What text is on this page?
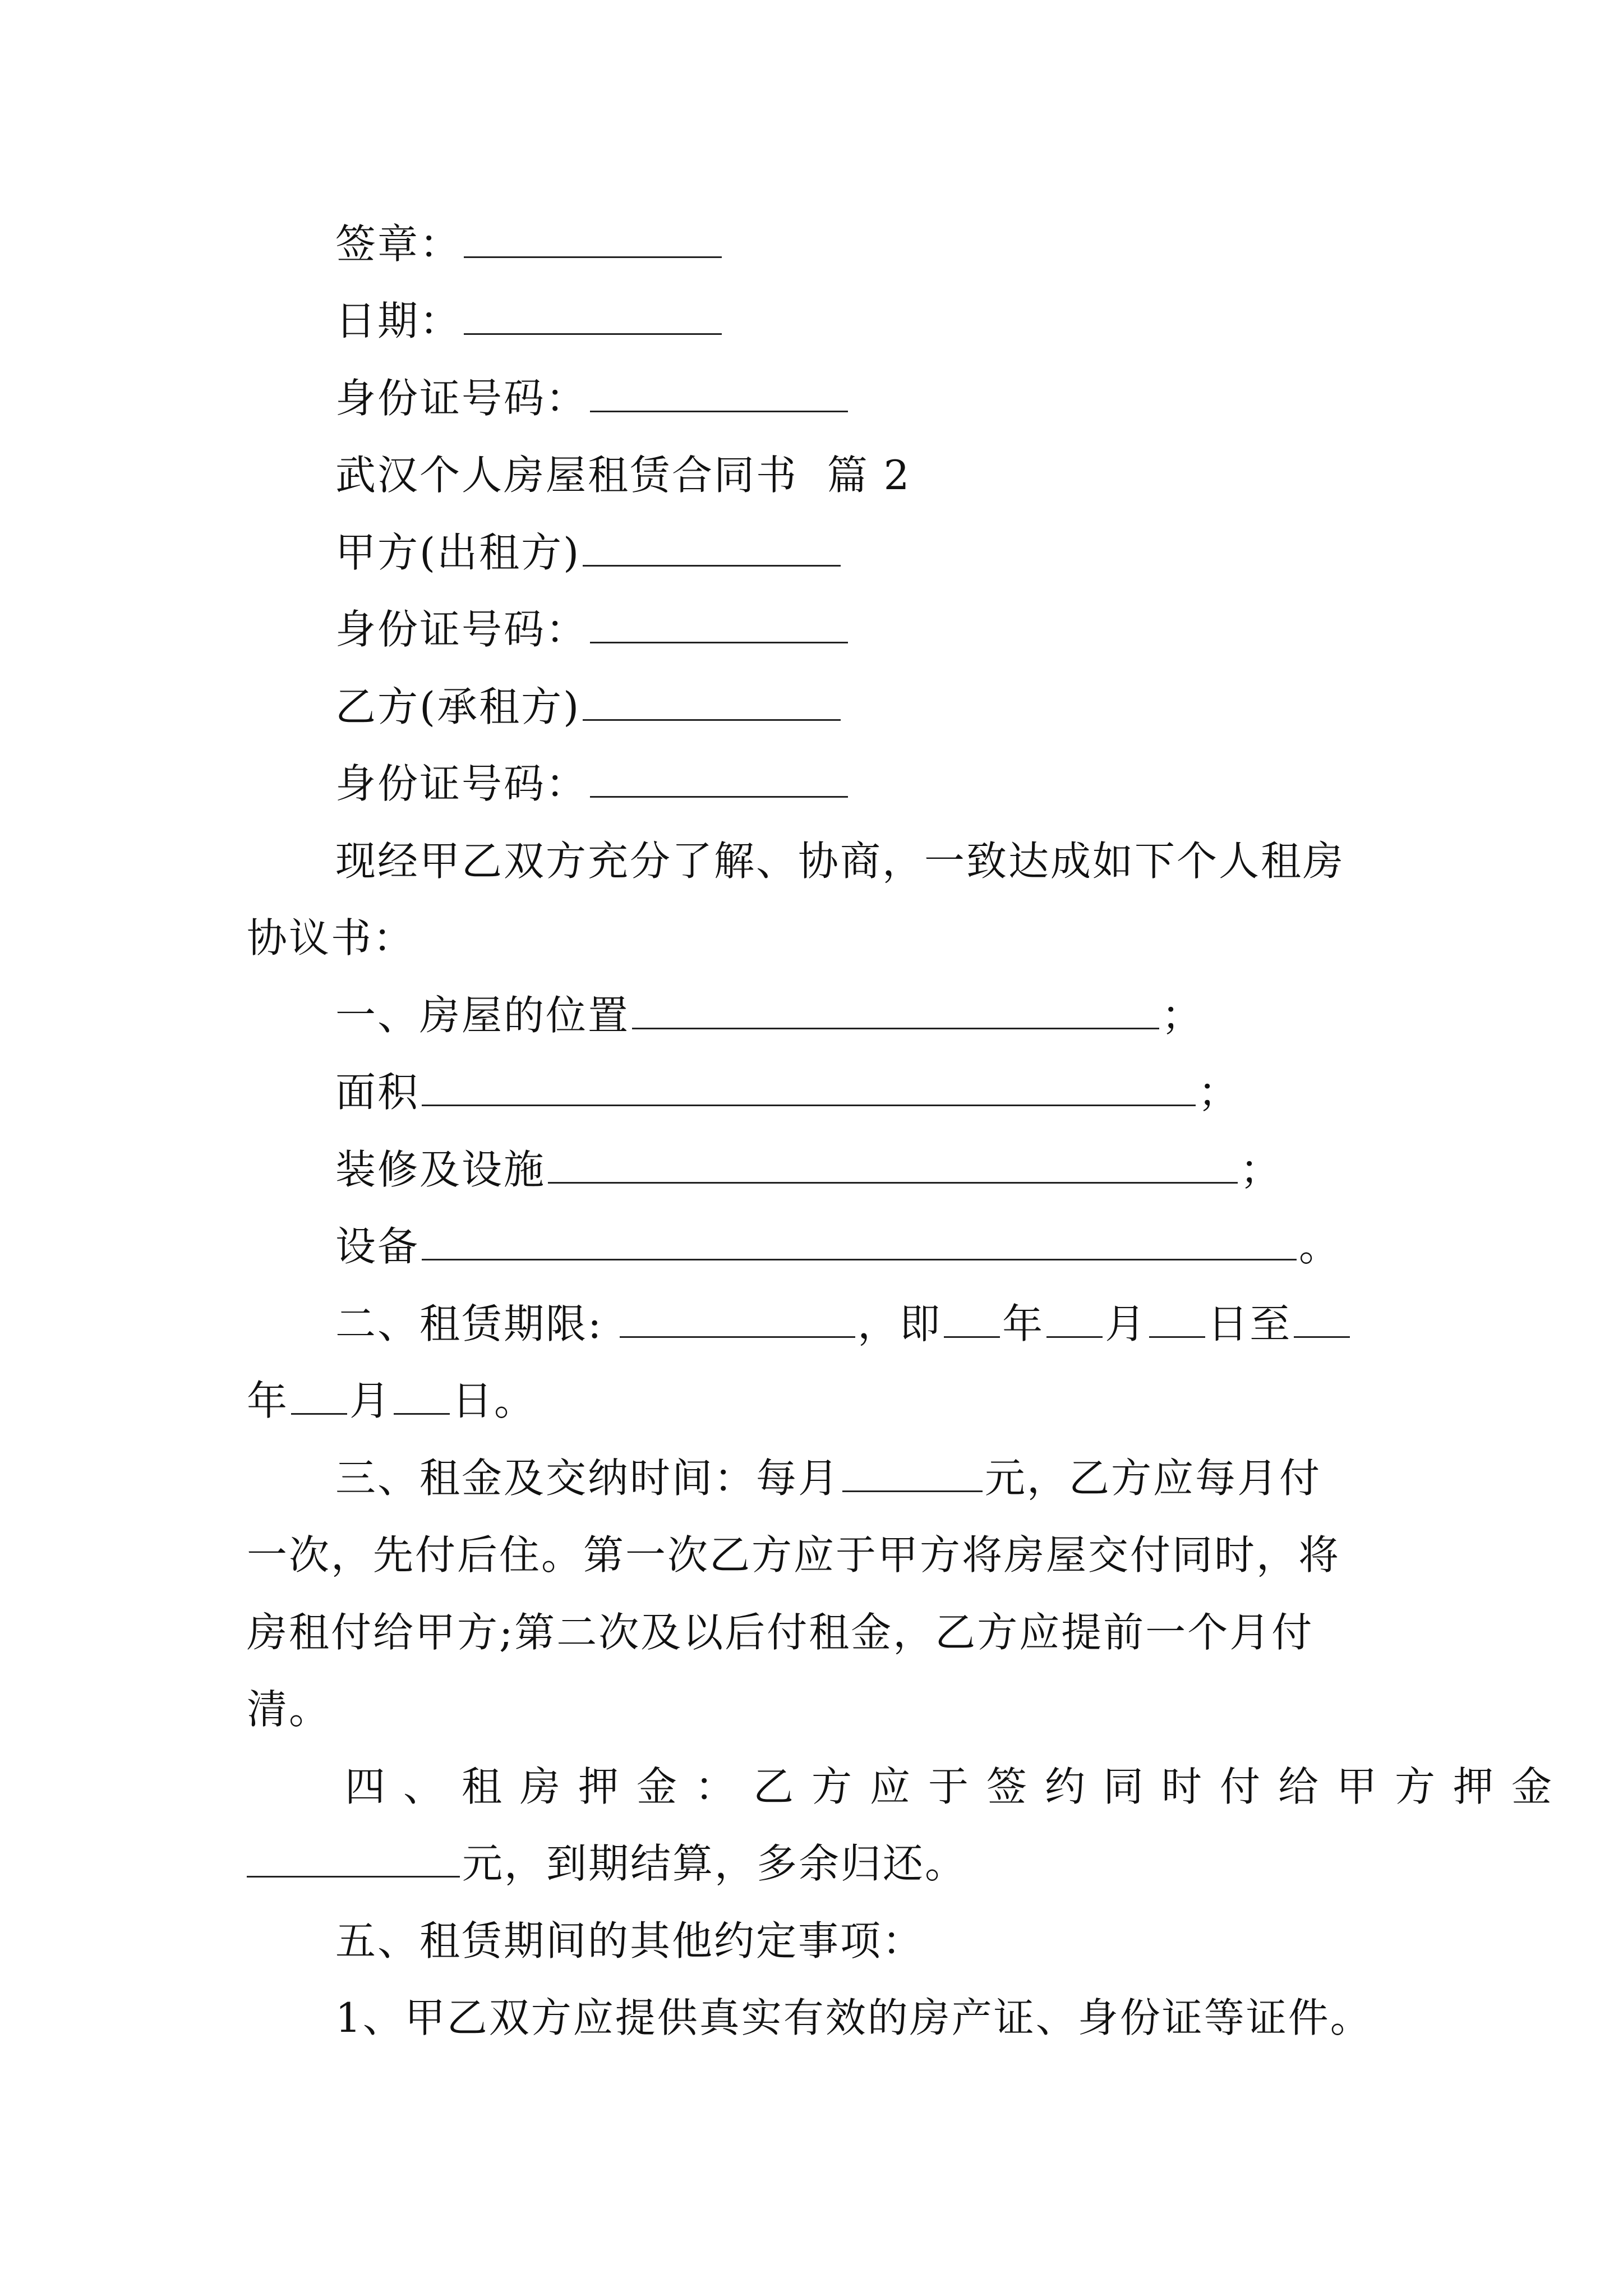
签章：
日期：
身份证号码：
武汉个人房屋租赁合同书 篇 2
甲方(出租方)
身份证号码：
乙方(承租方)
身份证号码：
现经甲乙双方充分了解、协商，一致达成如下个人租房
协议书：
一、房屋的位置	；
面积	；
装修及设施	；
设备	。
二、租赁期限:	，即 年 月 日至
年 月 日。
三、租金及交纳时间：每月	元，乙方应每月付
一次，先付后住。第一次乙方应于甲方将房屋交付同时，将
房租付给甲方;第二次及以后付租金，乙方应提前一个月付
清。
四、租房押金：乙方应于签约同时付给甲方押金
元，到期结算，多余归还。
五、租赁期间的其他约定事项：
1、甲乙双方应提供真实有效的房产证、身份证等证件。
